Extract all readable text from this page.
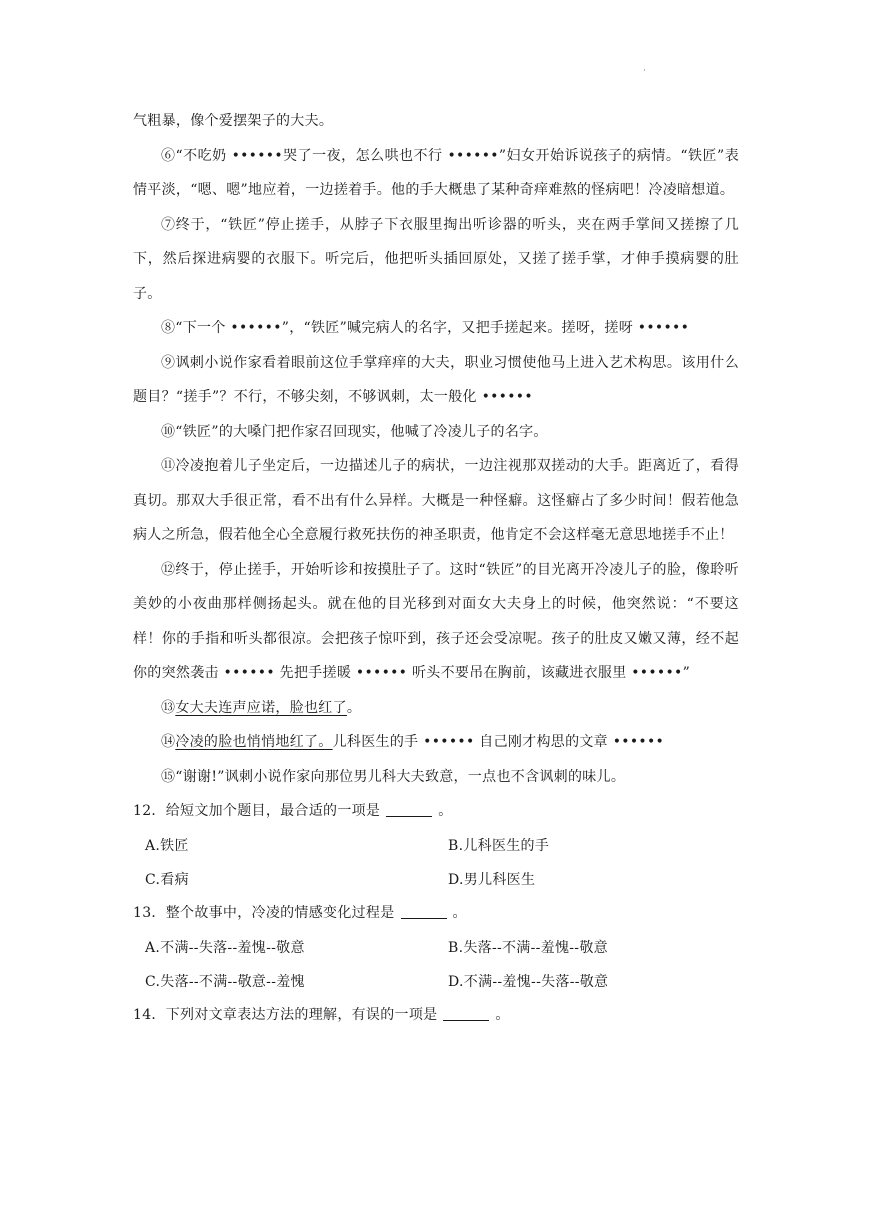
·

气粗暴，像个爱摆架子的大夫。

⑥“不吃奶 ••••••哭了一夜，怎么哄也不行 ••••••”妇女开始诉说孩子的病情。“铁匠”表情平淡，“嗯、嗯”地应着，一边搓着手。他的手大概患了某种奇痒难熬的怪病吧！冷凌暗想道。

⑦终于，“铁匠”停止搓手，从脖子下衣服里掏出听诊器的听头，夹在两手掌间又搓擦了几下，然后探进病婴的衣服下。听完后，他把听头插回原处，又搓了搓手掌，才伸手摸病婴的肚子。

⑧“下一个 ••••••”，“铁匠”喊完病人的名字，又把手搓起来。搓呀，搓呀 ••••••

⑨讽刺小说作家看着眼前这位手掌痒痒的大夫，职业习惯使他马上进入艺术构思。该用什么题目？“搓手”？不行，不够尖刻，不够讽刺，太一般化 ••••••

⑩“铁匠”的大嗓门把作家召回现实，他喊了冷凌儿子的名字。

⑪冷凌抱着儿子坐定后，一边描述儿子的病状，一边注视那双搓动的大手。距离近了，看得真切。那双大手很正常，看不出有什么异样。大概是一种怪癖。这怪癖占了多少时间！假若他急病人之所急，假若他全心全意履行救死扶伤的神圣职责，他肯定不会这样毫无意思地搓手不止！

⑫终于，停止搓手，开始听诊和按摸肚子了。这时“铁匠”的目光离开冷凌儿子的脸，像聆听美妙的小夜曲那样侧扬起头。就在他的目光移到对面女大夫身上的时候，他突然说：“不要这样！你的手指和听头都很凉。会把孩子惊吓到，孩子还会受凉呢。孩子的肚皮又嫩又薄，经不起你的突然袭击 •••••• 先把手搓暖 •••••• 听头不要吊在胸前，该藏进衣服里 ••••••”

⑬女大夫连声应诺，脸也红了。

⑭冷凌的脸也悄悄地红了。儿科医生的手 •••••• 自己刚才构思的文章 ••••••

⑮“谢谢!”讽刺小说作家向那位男儿科大夫致意，一点也不含讽刺的味儿。

12．给短文加个题目，最合适的一项是	。

A.铁匠	B.儿科医生的手
C.看病	D.男儿科医生

13．整个故事中，冷凌的情感变化过程是	。

A.不满--失落--羞愧--敬意	B.失落--不满--羞愧--敬意
C.失落--不满--敬意--羞愧	D.不满--羞愧--失落--敬意

14．下列对文章表达方法的理解，有误的一项是	。
